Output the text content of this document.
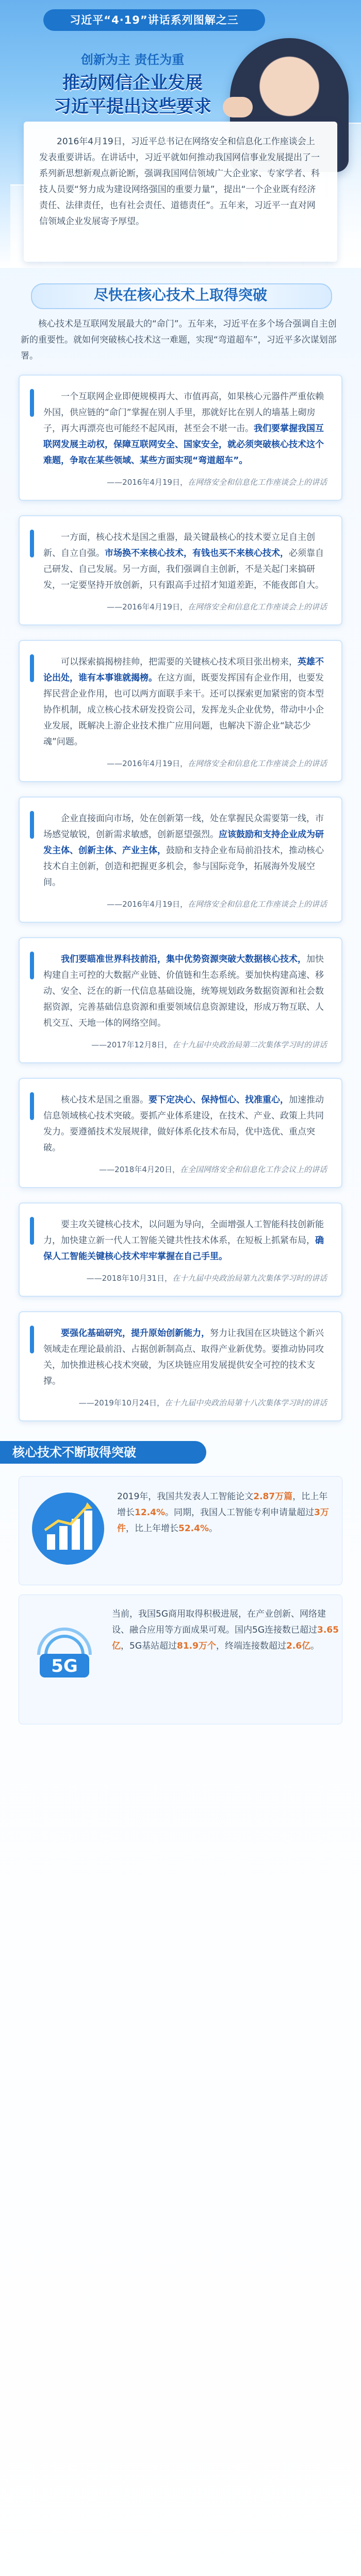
习近平“4·19”讲话系列图解之三
创新为主 责任为重
推动网信企业发展
习近平提出这些要求

2016年4月19日，习近平总书记在网络安全和信息化工作座谈会上发表重要讲话。在讲话中，习近平就如何推动我国网信事业发展提出了一系列新思想新观点新论断，强调我国网信领域广大企业家、专家学者、科技人员要“努力成为建设网络强国的重要力量”，提出“一个企业既有经济责任、法律责任，也有社会责任、道德责任”。五年来，习近平一直对网信领域企业发展寄予厚望。

尽快在核心技术上取得突破

核心技术是互联网发展最大的“命门”。五年来，习近平在多个场合强调自主创新的重要性。就如何突破核心技术这一难题，实现“弯道超车”，习近平多次谋划部署。

一个互联网企业即便规模再大、市值再高，如果核心元器件严重依赖外国，供应链的“命门”掌握在别人手里，那就好比在别人的墙基上砌房子，再大再漂亮也可能经不起风雨，甚至会不堪一击。我们要掌握我国互联网发展主动权，保障互联网安全、国家安全，就必须突破核心技术这个难题，争取在某些领域、某些方面实现“弯道超车”。

——2016年4月19日，在网络安全和信息化工作座谈会上的讲话

一方面，核心技术是国之重器，最关键最核心的技术要立足自主创新、自立自强。市场换不来核心技术，有钱也买不来核心技术，必须靠自己研发、自己发展。另一方面，我们强调自主创新，不是关起门来搞研发，一定要坚持开放创新，只有跟高手过招才知道差距，不能夜郎自大。

——2016年4月19日，在网络安全和信息化工作座谈会上的讲话

可以探索搞揭榜挂帅，把需要的关键核心技术项目张出榜来，英雄不论出处，谁有本事谁就揭榜。在这方面，既要发挥国有企业作用，也要发挥民营企业作用，也可以两方面联手来干。还可以探索更加紧密的资本型协作机制，成立核心技术研发投资公司，发挥龙头企业优势，带动中小企业发展，既解决上游企业技术推广应用问题，也解决下游企业“缺芯少魂”问题。

——2016年4月19日，在网络安全和信息化工作座谈会上的讲话

企业直接面向市场，处在创新第一线，处在掌握民众需要第一线，市场感觉敏锐，创新需求敏感，创新愿望强烈。应该鼓励和支持企业成为研发主体、创新主体、产业主体，鼓励和支持企业布局前沿技术，推动核心技术自主创新，创造和把握更多机会，参与国际竞争，拓展海外发展空间。

——2016年4月19日，在网络安全和信息化工作座谈会上的讲话

我们要瞄准世界科技前沿，集中优势资源突破大数据核心技术，加快构建自主可控的大数据产业链、价值链和生态系统。要加快构建高速、移动、安全、泛在的新一代信息基础设施，统筹规划政务数据资源和社会数据资源，完善基础信息资源和重要领域信息资源建设，形成万物互联、人机交互、天地一体的网络空间。

——2017年12月8日，在十九届中央政治局第二次集体学习时的讲话

核心技术是国之重器。要下定决心、保持恒心、找准重心，加速推动信息领域核心技术突破。要抓产业体系建设，在技术、产业、政策上共同发力。要遵循技术发展规律，做好体系化技术布局，优中选优、重点突破。

——2018年4月20日，在全国网络安全和信息化工作会议上的讲话

要主攻关键核心技术，以问题为导向，全面增强人工智能科技创新能力，加快建立新一代人工智能关键共性技术体系，在短板上抓紧布局，确保人工智能关键核心技术牢牢掌握在自己手里。

——2018年10月31日，在十九届中央政治局第九次集体学习时的讲话

要强化基础研究，提升原始创新能力，努力让我国在区块链这个新兴领域走在理论最前沿、占据创新制高点、取得产业新优势。要推动协同攻关，加快推进核心技术突破，为区块链应用发展提供安全可控的技术支撑。

——2019年10月24日，在十九届中央政治局第十八次集体学习时的讲话
核心技术不断取得突破
2019年，我国共发表人工智能论文2.87万篇，比上年增长12.4%。同期，我国人工智能专利申请量超过3万件，比上年增长52.4%。
5G
当前，我国5G商用取得积极进展，在产业创新、网络建设、融合应用等方面成果可观。国内5G连接数已超过3.65亿，5G基站超过81.9万个，终端连接数超过2.6亿。
